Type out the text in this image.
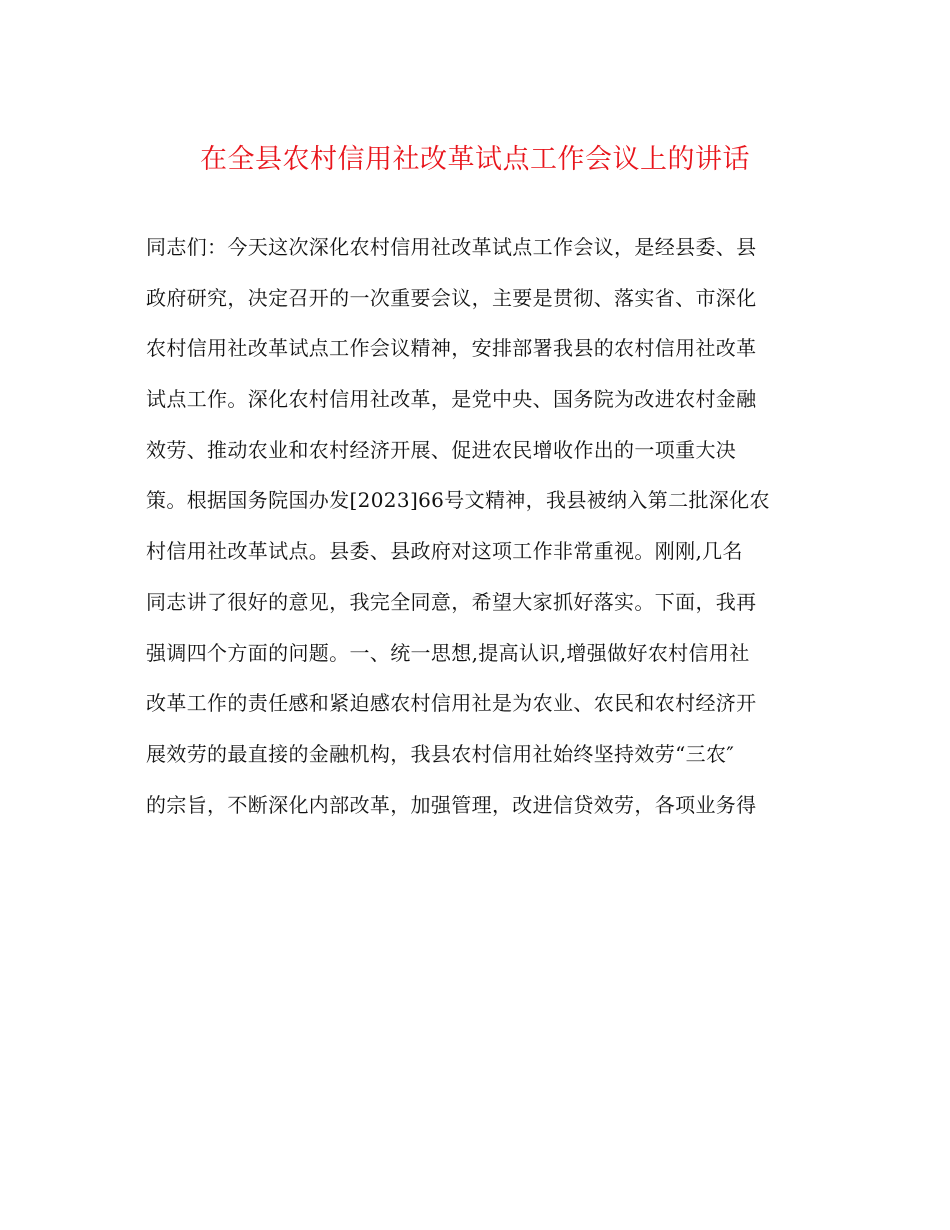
在全县农村信用社改革试点工作会议上的讲话
同志们：今天这次深化农村信用社改革试点工作会议，是经县委、县
政府研究，决定召开的一次重要会议，主要是贯彻、落实省、市深化
农村信用社改革试点工作会议精神，安排部署我县的农村信用社改革
试点工作。深化农村信用社改革，是党中央、国务院为改进农村金融
效劳、推动农业和农村经济开展、促进农民增收作出的一项重大决
策。根据国务院国办发[2023]66号文精神，我县被纳入第二批深化农
村信用社改革试点。县委、县政府对这项工作非常重视。刚刚,几名
同志讲了很好的意见，我完全同意，希望大家抓好落实。下面，我再
强调四个方面的问题。一、统一思想,提高认识,增强做好农村信用社
改革工作的责任感和紧迫感农村信用社是为农业、农民和农村经济开
展效劳的最直接的金融机构，我县农村信用社始终坚持效劳“三农″
的宗旨，不断深化内部改革，加强管理，改进信贷效劳，各项业务得
